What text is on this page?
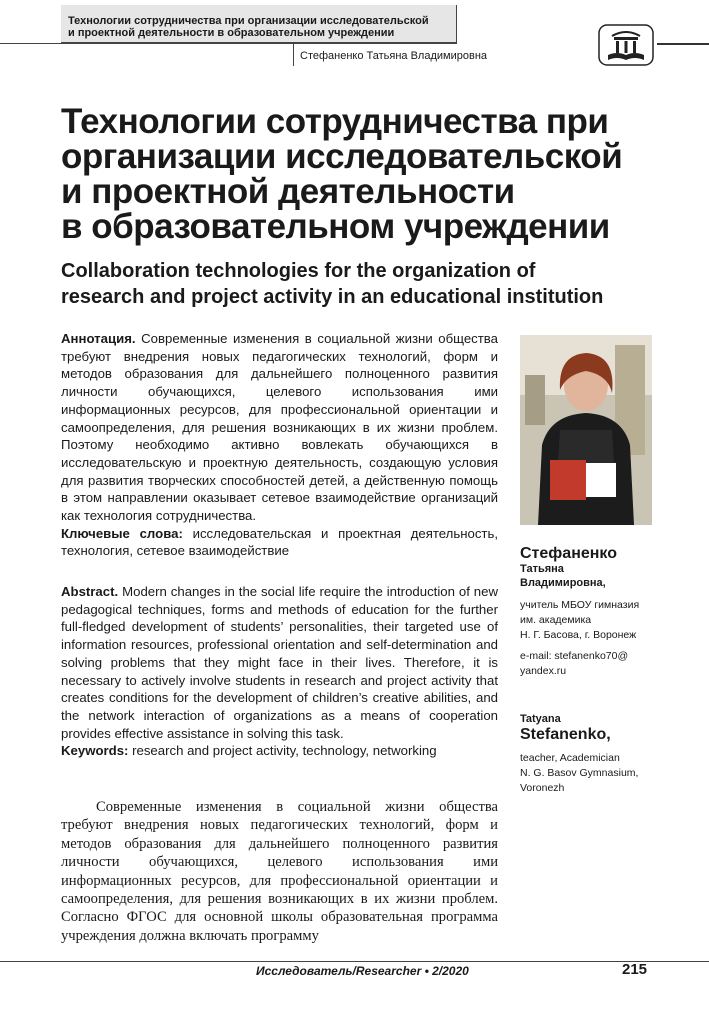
Технологии сотрудничества при организации исследовательской
и проектной деятельности в образовательном учреждении
Стефаненко Татьяна Владимировна
Технологии сотрудничества при
организации исследовательской
и проектной деятельности
в образовательном учреждении
Collaboration technologies for the organization of
research and project activity in an educational institution
Аннотация. Современные изменения в социальной жизни общества требуют внедрения новых педагогических технологий, форм и методов образования для дальнейшего полноценного развития личности обучающихся, целевого использования ими информационных ресурсов, для профессиональной ориентации и самоопределения, для решения возникающих в их жизни проблем. Поэтому необходимо активно вовлекать обучающихся в исследовательскую и проектную деятельность, создающую условия для развития творческих способностей детей, а действенную помощь в этом направлении оказывает сетевое взаимодействие организаций как технология сотрудничества.
Ключевые слова: исследовательская и проектная деятельность, технология, сетевое взаимодействие
Abstract. Modern changes in the social life require the introduction of new pedagogical techniques, forms and methods of education for the further full-fledged development of students’ personalities, their targeted use of information resources, professional orientation and self-determination and solving problems that they might face in their lives. Therefore, it is necessary to actively involve students in research and project activity that creates conditions for the development of children’s creative abilities, and the network interaction of organizations as a means of cooperation provides effective assistance in solving this task.
Keywords: research and project activity, technology, networking
Стефаненко
Татьяна
Владимировна,
учитель МБОУ гимназия
им. академика
Н. Г. Басова, г. Воронеж
e-mail: stefanenko70@
yandex.ru
Tatyana
Stefanenko,
teacher, Academician
N. G. Basov Gymnasium,
Voronezh

Современные изменения в социальной жизни общества требуют внедрения новых педагогических технологий, форм и методов образования для дальнейшего полноценного развития личности обучающихся, целевого использования ими информационных ресурсов, для профессиональной ориентации и самоопределения, для решения возникающих в их жизни проблем. Согласно ФГОС для основной школы образовательная программа учреждения должна включать программу

Исследователь/Researcher • 2/2020	215
